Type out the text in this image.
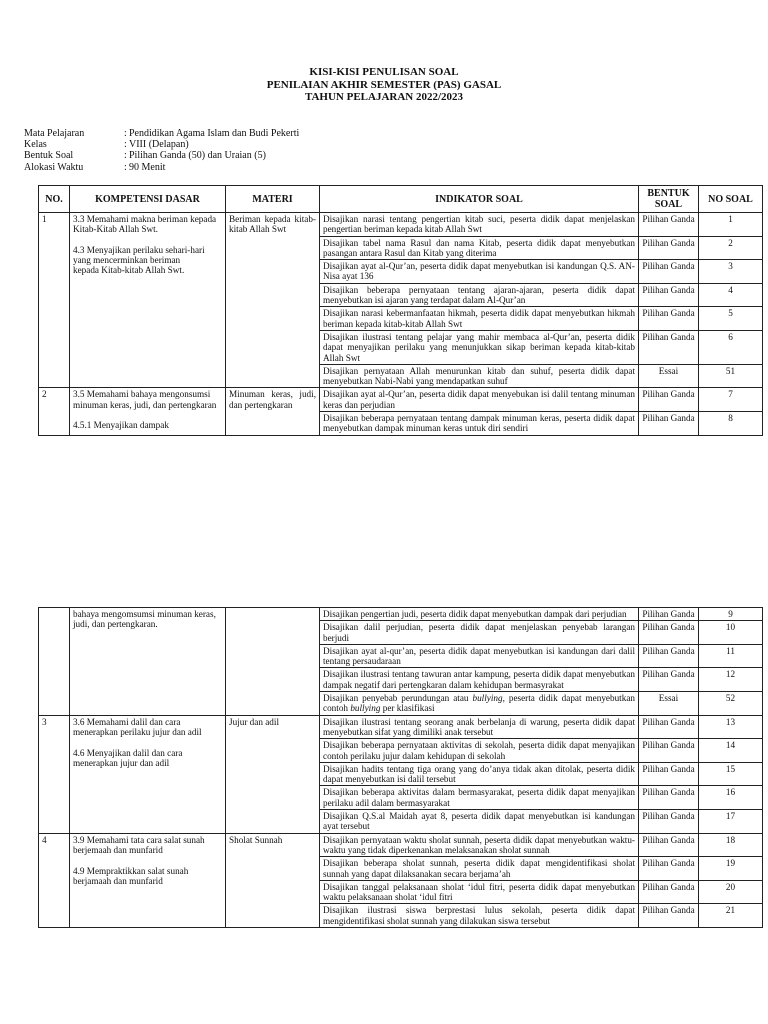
KISI-KISI PENULISAN SOAL
PENILAIAN AKHIR SEMESTER (PAS) GASAL
TAHUN PELAJARAN 2022/2023
Mata Pelajaran	: Pendidikan Agama Islam dan Budi Pekerti
Kelas	: VIII (Delapan)
Bentuk Soal	: Pilihan Ganda (50) dan Uraian (5)
Alokasi Waktu	: 90 Menit
NO.	KOMPETENSI DASAR	MATERI	INDIKATOR SOAL	BENTUK SOAL	NO SOAL
1	3.3 Memahami makna beriman kepada Kitab-Kitab Allah Swt.

4.3 Menyajikan perilaku sehari-hari yang mencerminkan beriman
kepada Kitab-kitab Allah Swt.	Beriman kepada kitab-kitab Allah Swt	Disajikan narasi tentang pengertian kitab suci, peserta didik dapat menjelaskan pengertian beriman kepada kitab Allah Swt	Pilihan Ganda	1
			Disajikan tabel nama Rasul dan nama Kitab, peserta didik dapat menyebutkan pasangan antara Rasul dan Kitab yang diterima	Pilihan Ganda	2
			Disajikan ayat al-Qur’an, peserta didik dapat menyebutkan isi kandungan Q.S. AN-Nisa ayat 136	Pilihan Ganda	3
			Disajikan beberapa pernyataan tentang ajaran-ajaran, peserta didik dapat menyebutkan isi ajaran yang terdapat dalam Al-Qur’an	Pilihan Ganda	4
			Disajikan narasi kebermanfaatan hikmah, peserta didik dapat menyebutkan hikmah beriman kepada kitab-kitab Allah Swt	Pilihan Ganda	5
			Disajikan ilustrasi tentang pelajar yang mahir membaca al-Qur’an, peserta didik dapat menyajikan perilaku yang menunjukkan sikap beriman kepada kitab-kitab Allah Swt	Pilihan Ganda	6
			Disajikan pernyataan Allah menurunkan kitab dan suhuf, peserta didik dapat menyebutkan Nabi-Nabi yang mendapatkan suhuf	Essai	51
2	3.5 Memahami bahaya mengonsumsi minuman keras, judi, dan pertengkaran

4.5.1 Menyajikan dampak	Minuman keras, judi, dan pertengkaran	Disajikan ayat al-Qur’an, peserta didik dapat menyebukan isi dalil tentang minuman keras dan perjudian	Pilihan Ganda	7
			Disajikan beberapa pernyataan tentang dampak minuman keras, peserta didik dapat menyebutkan dampak minuman keras untuk diri sendiri	Pilihan Ganda	8
	bahaya mengomsumsi minuman keras, judi, dan pertengkaran.		Disajikan pengertian judi, peserta didik dapat menyebutkan dampak dari perjudian	Pilihan Ganda	9
			Disajikan dalil perjudian, peserta didik dapat menjelaskan penyebab larangan berjudi	Pilihan Ganda	10
			Disajikan ayat al-qur’an, peserta didik dapat menyebutkan isi kandungan dari dalil tentang persaudaraan	Pilihan Ganda	11
			Disajikan ilustrasi tentang tawuran antar kampung, peserta didik dapat menyebutkan dampak negatif dari pertengkaran dalam kehidupan bermasyrakat	Pilihan Ganda	12
			Disajikan penyebab perundungan atau bullying, peserta didik dapat menyebutkan contoh bullying per klasifikasi	Essai	52
3	3.6 Memahami dalil dan cara menerapkan perilaku jujur dan adil

4.6 Menyajikan dalil dan cara menerapkan jujur dan adil	Jujur dan adil	Disajikan ilustrasi tentang seorang anak berbelanja di warung, peserta didik dapat menyebutkan sifat yang dimiliki anak tersebut	Pilihan Ganda	13
			Disajikan beberapa pernyataan aktivitas di sekolah, peserta didik dapat menyajikan contoh perilaku jujur dalam kehidupan di sekolah	Pilihan Ganda	14
			Disajikan hadits tentang tiga orang yang do’anya tidak akan ditolak, peserta didik dapat menyebutkan isi dalil tersebut	Pilihan Ganda	15
			Disajikan beberapa aktivitas dalam bermasyarakat, peserta didik dapat menyajikan perilaku adil dalam bermasyarakat	Pilihan Ganda	16
			Disajikan Q.S.al Maidah ayat 8, peserta didik dapat menyebutkan isi kandungan ayat tersebut	Pilihan Ganda	17
4	3.9 Memahami tata cara salat sunah berjemaah dan munfarid

4.9 Mempraktikkan salat sunah berjamaah dan munfarid	Sholat Sunnah	Disajikan pernyataan waktu sholat sunnah, peserta didik dapat menyebutkan waktu-waktu yang tidak diperkenankan melaksanakan sholat sunnah	Pilihan Ganda	18
			Disajikan beberapa sholat sunnah, peserta didik dapat mengidentifikasi sholat sunnah yang dapat dilaksanakan secara berjama’ah	Pilihan Ganda	19
			Disajikan tanggal pelaksanaan sholat ‘idul fitri, peserta didik dapat menyebutkan waktu pelaksanaan sholat ‘idul fitri	Pilihan Ganda	20
			Disajikan ilustrasi siswa berprestasi lulus sekolah, peserta didik dapat mengidentifikasi sholat sunnah yang dilakukan siswa tersebut	Pilihan Ganda	21
